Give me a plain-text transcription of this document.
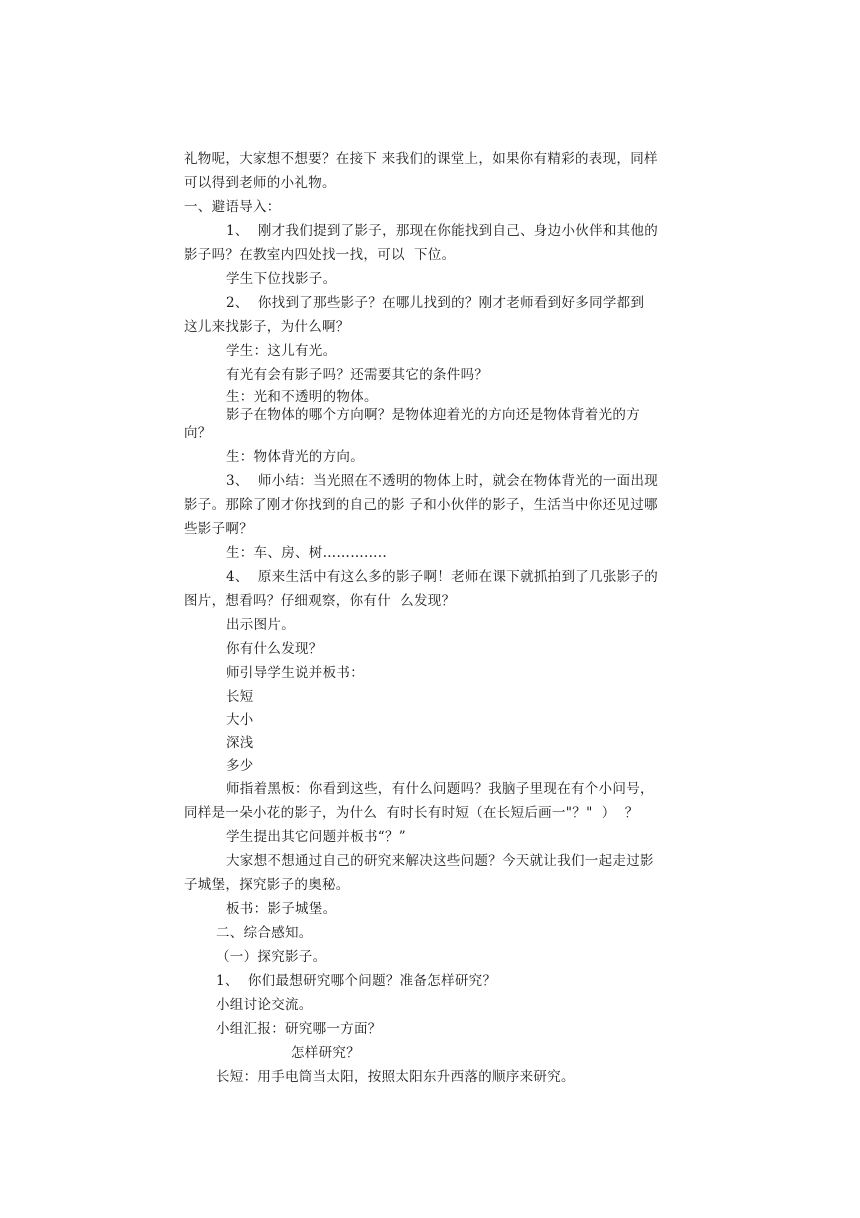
礼物呢，大家想不想要？在接下 来我们的课堂上，如果你有精彩的表现，同样
可以得到老师的小礼物。
一、避语导入：
1、  刚才我们提到了影子，那现在你能找到自己、身边小伙伴和其他的
影子吗？在教室内四处找一找，可以  下位。
学生下位找影子。
2、  你找到了那些影子？在哪儿找到的？刚才老师看到好多同学都到
这儿来找影子，为什么啊？
学生：这儿有光。
有光有会有影子吗？还需要其它的条件吗？
生：光和不透明的物体。
影子在物体的哪个方向啊？是物体迎着光的方向还是物体背着光的方
向？
生：物体背光的方向。
3、  师小结：当光照在不透明的物体上时，就会在物体背光的一面出现
影子。那除了刚才你找到的自己的影 子和小伙伴的影子，生活当中你还见过哪
些影子啊？
生：车、房、树……….....
4、  原来生活中有这么多的影子啊！老师在课下就抓拍到了几张影子的
图片，想看吗？仔细观察，你有什  么发现？
出示图片。
你有什么发现？
师引导学生说并板书：
长短
大小
深浅
多少
师指着黑板：你看到这些，有什么问题吗？我脑子里现在有个小问号，
同样是一朵小花的影子，为什么  有时长有时短（在长短后画一"？"  ）  ？
学生提出其它问题并板书“？”
大家想不想通过自己的研究来解决这些问题？今天就让我们一起走过影
子城堡，探究影子的奥秘。
板书：影子城堡。
二、综合感知。
（一）探究影子。
1、  你们最想研究哪个问题？准备怎样研究？
小组讨论交流。
小组汇报：研究哪一方面？
怎样研究？
长短：用手电筒当太阳，按照太阳东升西落的顺序来研究。
